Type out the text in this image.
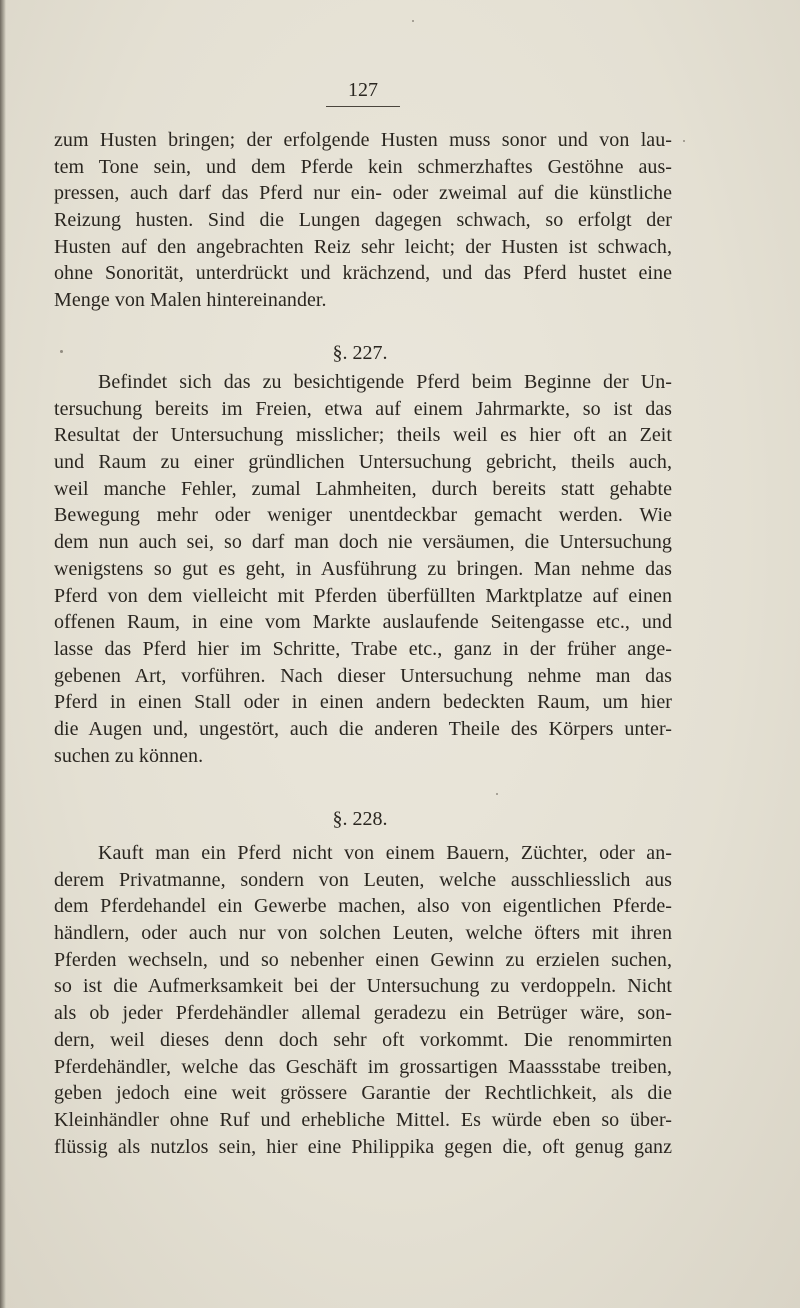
127
zum Husten bringen; der erfolgende Husten muss sonor und von lau-
tem Tone sein, und dem Pferde kein schmerzhaftes Gestöhne aus-
pressen, auch darf das Pferd nur ein- oder zweimal auf die künstliche
Reizung husten. Sind die Lungen dagegen schwach, so erfolgt der
Husten auf den angebrachten Reiz sehr leicht; der Husten ist schwach,
ohne Sonorität, unterdrückt und krächzend, und das Pferd hustet eine
Menge von Malen hintereinander.
§. 227.
Befindet sich das zu besichtigende Pferd beim Beginne der Un-
tersuchung bereits im Freien, etwa auf einem Jahrmarkte, so ist das
Resultat der Untersuchung misslicher; theils weil es hier oft an Zeit
und Raum zu einer gründlichen Untersuchung gebricht, theils auch,
weil manche Fehler, zumal Lahmheiten, durch bereits statt gehabte
Bewegung mehr oder weniger unentdeckbar gemacht werden. Wie
dem nun auch sei, so darf man doch nie versäumen, die Untersuchung
wenigstens so gut es geht, in Ausführung zu bringen. Man nehme das
Pferd von dem vielleicht mit Pferden überfüllten Marktplatze auf einen
offenen Raum, in eine vom Markte auslaufende Seitengasse etc., und
lasse das Pferd hier im Schritte, Trabe etc., ganz in der früher ange-
gebenen Art, vorführen. Nach dieser Untersuchung nehme man das
Pferd in einen Stall oder in einen andern bedeckten Raum, um hier
die Augen und, ungestört, auch die anderen Theile des Körpers unter-
suchen zu können.
§. 228.
Kauft man ein Pferd nicht von einem Bauern, Züchter, oder an-
derem Privatmanne, sondern von Leuten, welche ausschliesslich aus
dem Pferdehandel ein Gewerbe machen, also von eigentlichen Pferde-
händlern, oder auch nur von solchen Leuten, welche öfters mit ihren
Pferden wechseln, und so nebenher einen Gewinn zu erzielen suchen,
so ist die Aufmerksamkeit bei der Untersuchung zu verdoppeln. Nicht
als ob jeder Pferdehändler allemal geradezu ein Betrüger wäre, son-
dern, weil dieses denn doch sehr oft vorkommt. Die renommirten
Pferdehändler, welche das Geschäft im grossartigen Maassstabe treiben,
geben jedoch eine weit grössere Garantie der Rechtlichkeit, als die
Kleinhändler ohne Ruf und erhebliche Mittel. Es würde eben so über-
flüssig als nutzlos sein, hier eine Philippika gegen die, oft genug ganz
